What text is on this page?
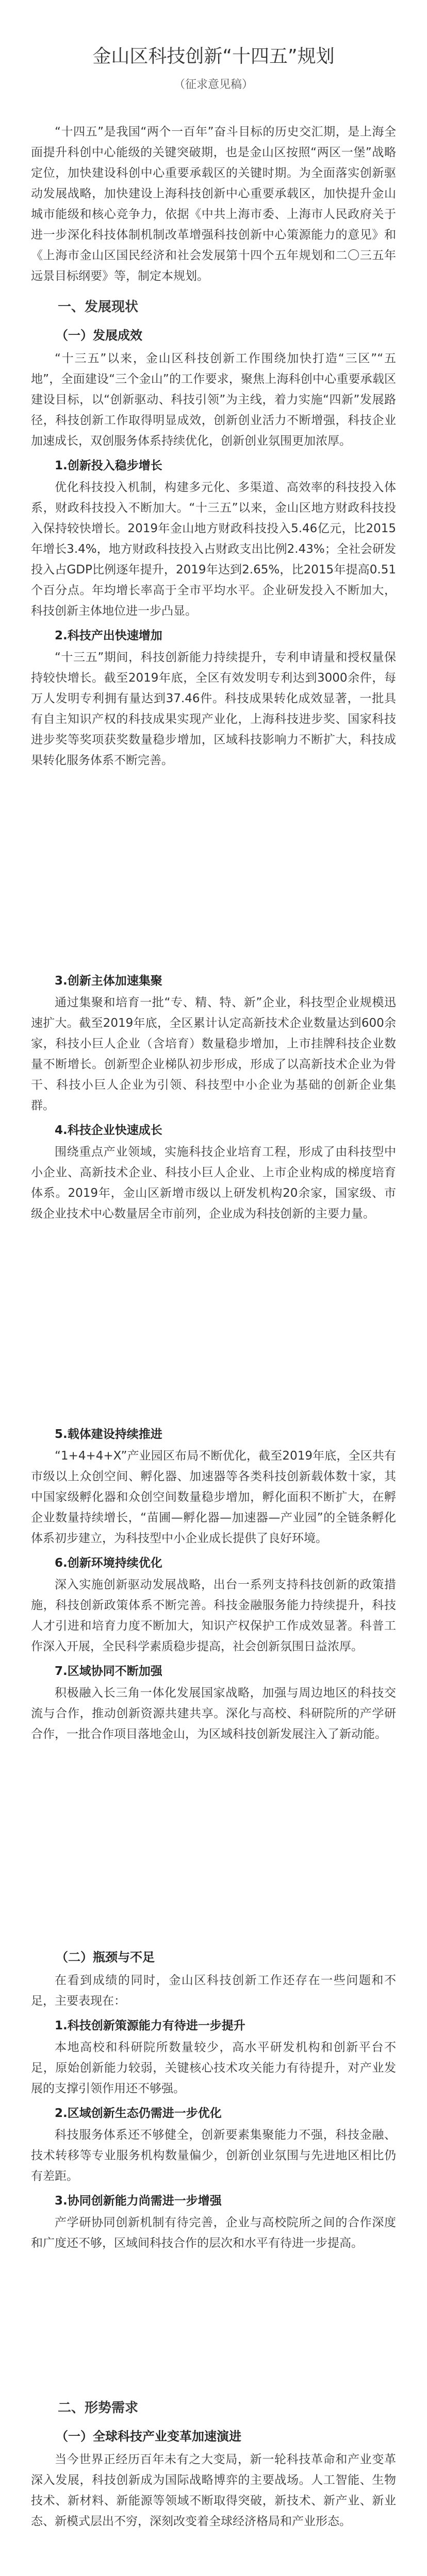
金山区科技创新“十四五”规划
（征求意见稿）

“十四五”是我国“两个一百年”奋斗目标的历史交汇期，是上海全面提升科创中心能级的关键突破期，也是金山区按照“两区一堡”战略定位，加快建设科创中心重要承载区的关键时期。为全面落实创新驱动发展战略，加快建设上海科技创新中心重要承载区，加快提升金山城市能级和核心竞争力，依据《中共上海市委、上海市人民政府关于进一步深化科技体制机制改革增强科技创新中心策源能力的意见》和《上海市金山区国民经济和社会发展第十四个五年规划和二〇三五年远景目标纲要》等，制定本规划。

一、发展现状
（一）发展成效

“十三五”以来，金山区科技创新工作围绕加快打造“三区”“五地”，全面建设“三个金山”的工作要求，聚焦上海科创中心重要承载区建设目标，以“创新驱动、科技引领”为主线，着力实施“四新”发展路径，科技创新工作取得明显成效，创新创业活力不断增强，科技企业加速成长，双创服务体系持续优化，创新创业氛围更加浓厚。

1.创新投入稳步增长

优化科技投入机制，构建多元化、多渠道、高效率的科技投入体系，财政科技投入不断加大。“十三五”以来，金山区地方财政科技投入保持较快增长。2019年金山地方财政科技投入5.46亿元，比2015年增长3.4%，地方财政科技投入占财政支出比例2.43%；全社会研发投入占GDP比例逐年提升，2019年达到2.65%，比2015年提高0.51个百分点。年均增长率高于全市平均水平。企业研发投入不断加大，科技创新主体地位进一步凸显。

2.科技产出快速增加

“十三五”期间，科技创新能力持续提升，专利申请量和授权量保持较快增长。截至2019年底，全区有效发明专利达到3000余件，每万人发明专利拥有量达到37.46件。科技成果转化成效显著，一批具有自主知识产权的科技成果实现产业化，上海科技进步奖、国家科技进步奖等奖项获奖数量稳步增加，区域科技影响力不断扩大，科技成果转化服务体系不断完善。

3.创新主体加速集聚

通过集聚和培育一批“专、精、特、新”企业，科技型企业规模迅速扩大。截至2019年底，全区累计认定高新技术企业数量达到600余家，科技小巨人企业（含培育）数量稳步增加，上市挂牌科技企业数量不断增长。创新型企业梯队初步形成，形成了以高新技术企业为骨干、科技小巨人企业为引领、科技型中小企业为基础的创新企业集群。

4.科技企业快速成长

围绕重点产业领域，实施科技企业培育工程，形成了由科技型中小企业、高新技术企业、科技小巨人企业、上市企业构成的梯度培育体系。2019年，金山区新增市级以上研发机构20余家，国家级、市级企业技术中心数量居全市前列，企业成为科技创新的主要力量。

5.载体建设持续推进

“1+4+4+X”产业园区布局不断优化，截至2019年底，全区共有市级以上众创空间、孵化器、加速器等各类科技创新载体数十家，其中国家级孵化器和众创空间数量稳步增加，孵化面积不断扩大，在孵企业数量持续增长，“苗圃—孵化器—加速器—产业园”的全链条孵化体系初步建立，为科技型中小企业成长提供了良好环境。

6.创新环境持续优化

深入实施创新驱动发展战略，出台一系列支持科技创新的政策措施，科技创新政策体系不断完善。科技金融服务能力持续提升，科技人才引进和培育力度不断加大，知识产权保护工作成效显著。科普工作深入开展，全民科学素质稳步提高，社会创新氛围日益浓厚。

7.区域协同不断加强

积极融入长三角一体化发展国家战略，加强与周边地区的科技交流与合作，推动创新资源共建共享。深化与高校、科研院所的产学研合作，一批合作项目落地金山，为区域科技创新发展注入了新动能。

（二）瓶颈与不足

在看到成绩的同时，金山区科技创新工作还存在一些问题和不足，主要表现在：

1.科技创新策源能力有待进一步提升

本地高校和科研院所数量较少，高水平研发机构和创新平台不足，原始创新能力较弱，关键核心技术攻关能力有待提升，对产业发展的支撑引领作用还不够强。

2.区域创新生态仍需进一步优化

科技服务体系还不够健全，创新要素集聚能力不强，科技金融、技术转移等专业服务机构数量偏少，创新创业氛围与先进地区相比仍有差距。

3.协同创新能力尚需进一步增强

产学研协同创新机制有待完善，企业与高校院所之间的合作深度和广度还不够，区域间科技合作的层次和水平有待进一步提高。

二、形势需求
（一）全球科技产业变革加速演进

当今世界正经历百年未有之大变局，新一轮科技革命和产业变革深入发展，科技创新成为国际战略博弈的主要战场。人工智能、生物技术、新材料、新能源等领域不断取得突破，新技术、新产业、新业态、新模式层出不穷，深刻改变着全球经济格局和产业形态。
